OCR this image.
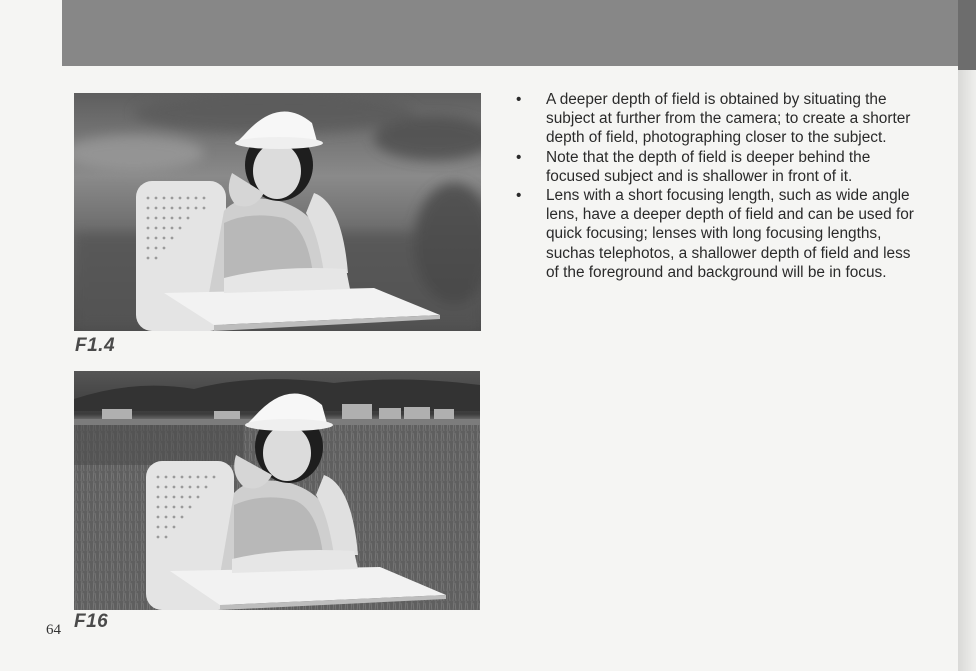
F1.4
F16
• A deeper depth of field is obtained by situating the subject at further from the camera; to create a shorter depth of field, photographing closer to the subject.
• Note that the depth of field is deeper behind the focused subject and is shallower in front of it.
• Lens with a short focusing length, such as wide angle lens, have a deeper depth of field and can be used for quick focusing; lenses with long focusing lengths, suchas telephotos, a shallower depth of field and less of the foreground and background will be in focus.
64
